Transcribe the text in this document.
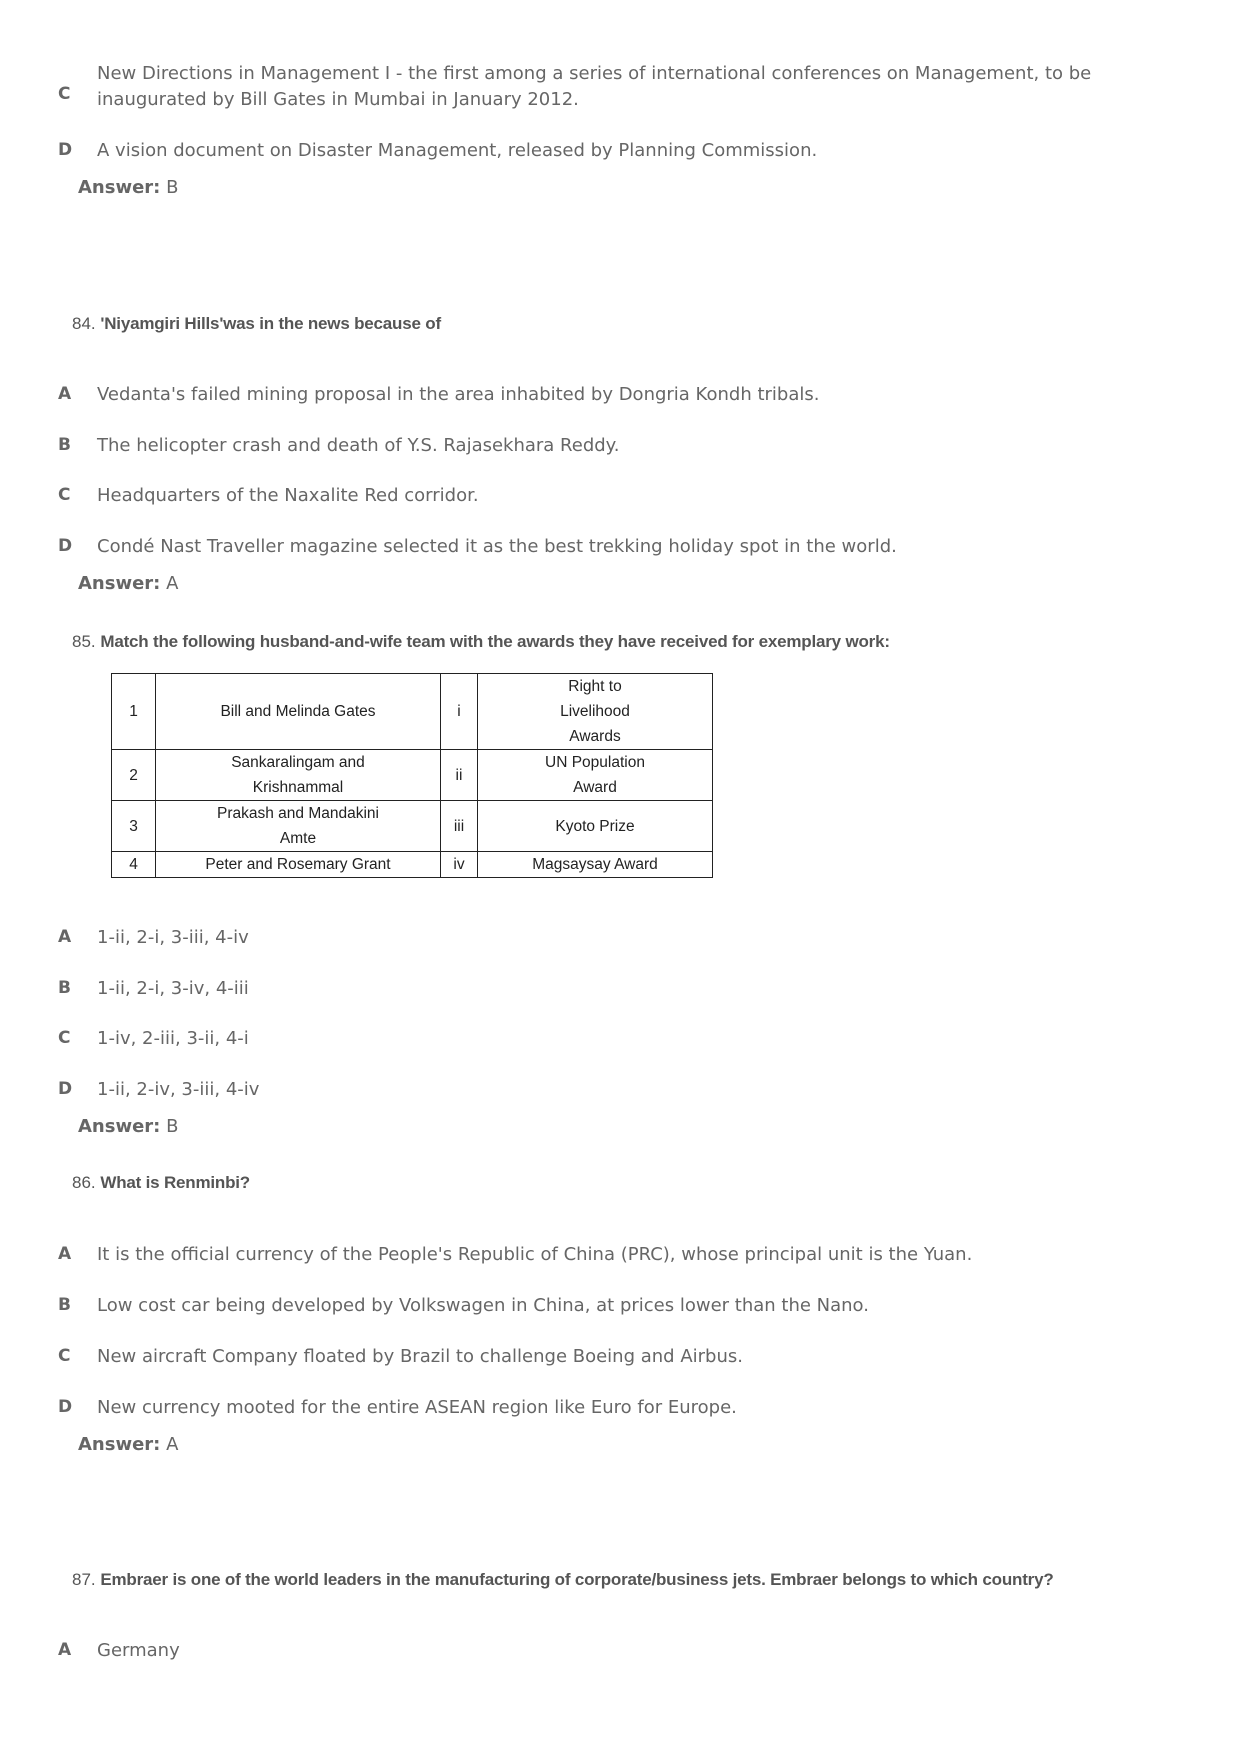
C
New Directions in Management I - the first among a series of international conferences on Management, to be inaugurated by Bill Gates in Mumbai in January 2012.
D A vision document on Disaster Management, released by Planning Commission.
Answer: B
84. 'Niyamgiri Hills'was in the news because of
A Vedanta's failed mining proposal in the area inhabited by Dongria Kondh tribals.
B The helicopter crash and death of Y.S. Rajasekhara Reddy.
C Headquarters of the Naxalite Red corridor.
D Condé Nast Traveller magazine selected it as the best trekking holiday spot in the world.
Answer: A
85. Match the following husband-and-wife team with the awards they have received for exemplary work:
1	Bill and Melinda Gates	i	Right to Livelihood Awards

2	Sankaralingam and Krishnammal	ii	UN Population Award

3	Prakash and Mandakini Amte	iii	Kyoto Prize
4	Peter and Rosemary Grant	iv	Magsaysay Award
A 1-ii, 2-i, 3-iii, 4-iv
B 1-ii, 2-i, 3-iv, 4-iii
C 1-iv, 2-iii, 3-ii, 4-i
D 1-ii, 2-iv, 3-iii, 4-iv
Answer: B
86. What is Renminbi?
A It is the official currency of the People's Republic of China (PRC), whose principal unit is the Yuan.
B Low cost car being developed by Volkswagen in China, at prices lower than the Nano.
C New aircraft Company floated by Brazil to challenge Boeing and Airbus.
D New currency mooted for the entire ASEAN region like Euro for Europe.
Answer: A
87. Embraer is one of the world leaders in the manufacturing of corporate/business jets. Embraer belongs to which country?
A Germany
